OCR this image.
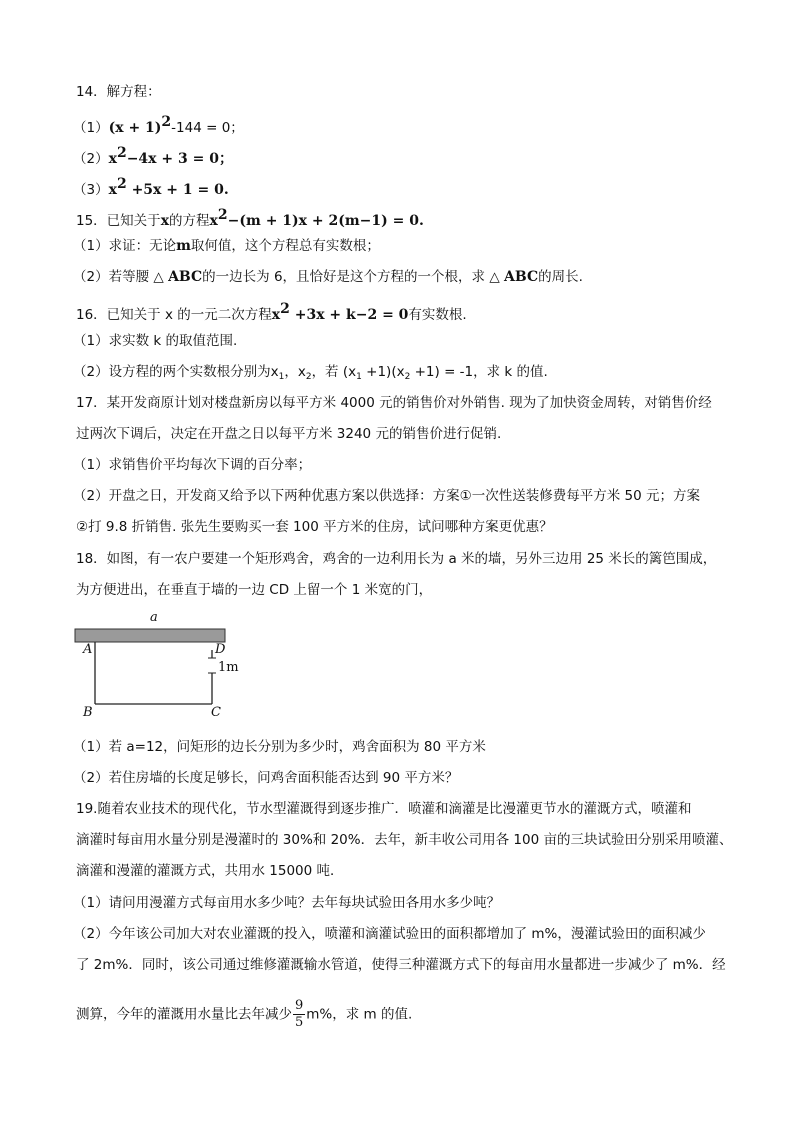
14．解方程：
$(1)(x + 1)^2-144 = 0$；
$(2)x^2-4x + 3 = 0$；
$(3)x^2 +5x + 1 = 0$.
15．已知关于x的方程$x^2-(m + 1)x + 2(m-1) = 0$.
（1）求证：无论m取何值，这个方程总有实数根；
（2）若等腰 △ ABC的一边长为 6，且恰好是这个方程的一个根，求 △ ABC的周长.
16．已知关于 x 的一元二次方程$x^2 +3x + k-2 = 0$有实数根.
（1）求实数 k 的取值范围.
（2）设方程的两个实数根分别为$x_1$，$x_2$，若 $(x_1 +1)(x_2 +1) = -1$，求 k 的值.
17．某开发商原计划对楼盘新房以每平方米 4000 元的销售价对外销售. 现为了加快资金周转，对销售价经
过两次下调后，决定在开盘之日以每平方米 3240 元的销售价进行促销.
（1）求销售价平均每次下调的百分率；
（2）开盘之日，开发商又给予以下两种优惠方案以供选择：方案①一次性送装修费每平方米 50 元；方案
②打 9.8 折销售. 张先生要购买一套 100 平方米的住房，试问哪种方案更优惠？
18．如图，有一农户要建一个矩形鸡舍，鸡舍的一边利用长为 a 米的墙，另外三边用 25 米长的篱笆围成，
为方便进出，在垂直于墙的一边 CD 上留一个 1 米宽的门，
a
A	D
1m
B	C
（1）若 a=12，问矩形的边长分别为多少时，鸡舍面积为 80 平方米
（2）若住房墙的长度足够长，问鸡舍面积能否达到 90 平方米？
19.随着农业技术的现代化，节水型灌溉得到逐步推广．喷灌和滴灌是比漫灌更节水的灌溉方式，喷灌和
滴灌时每亩用水量分别是漫灌时的 30%和 20%．去年，新丰收公司用各 100 亩的三块试验田分别采用喷灌、
滴灌和漫灌的灌溉方式，共用水 15000 吨．
（1）请问用漫灌方式每亩用水多少吨？去年每块试验田各用水多少吨？
（2）今年该公司加大对农业灌溉的投入，喷灌和滴灌试验田的面积都增加了 m%，漫灌试验田的面积减少
了 2m%．同时，该公司通过维修灌溉输水管道，使得三种灌溉方式下的每亩用水量都进一步减少了 m%．经
测算，今年的灌溉用水量比去年减少 $\frac{9}{5} m\%$，求 m 的值.
